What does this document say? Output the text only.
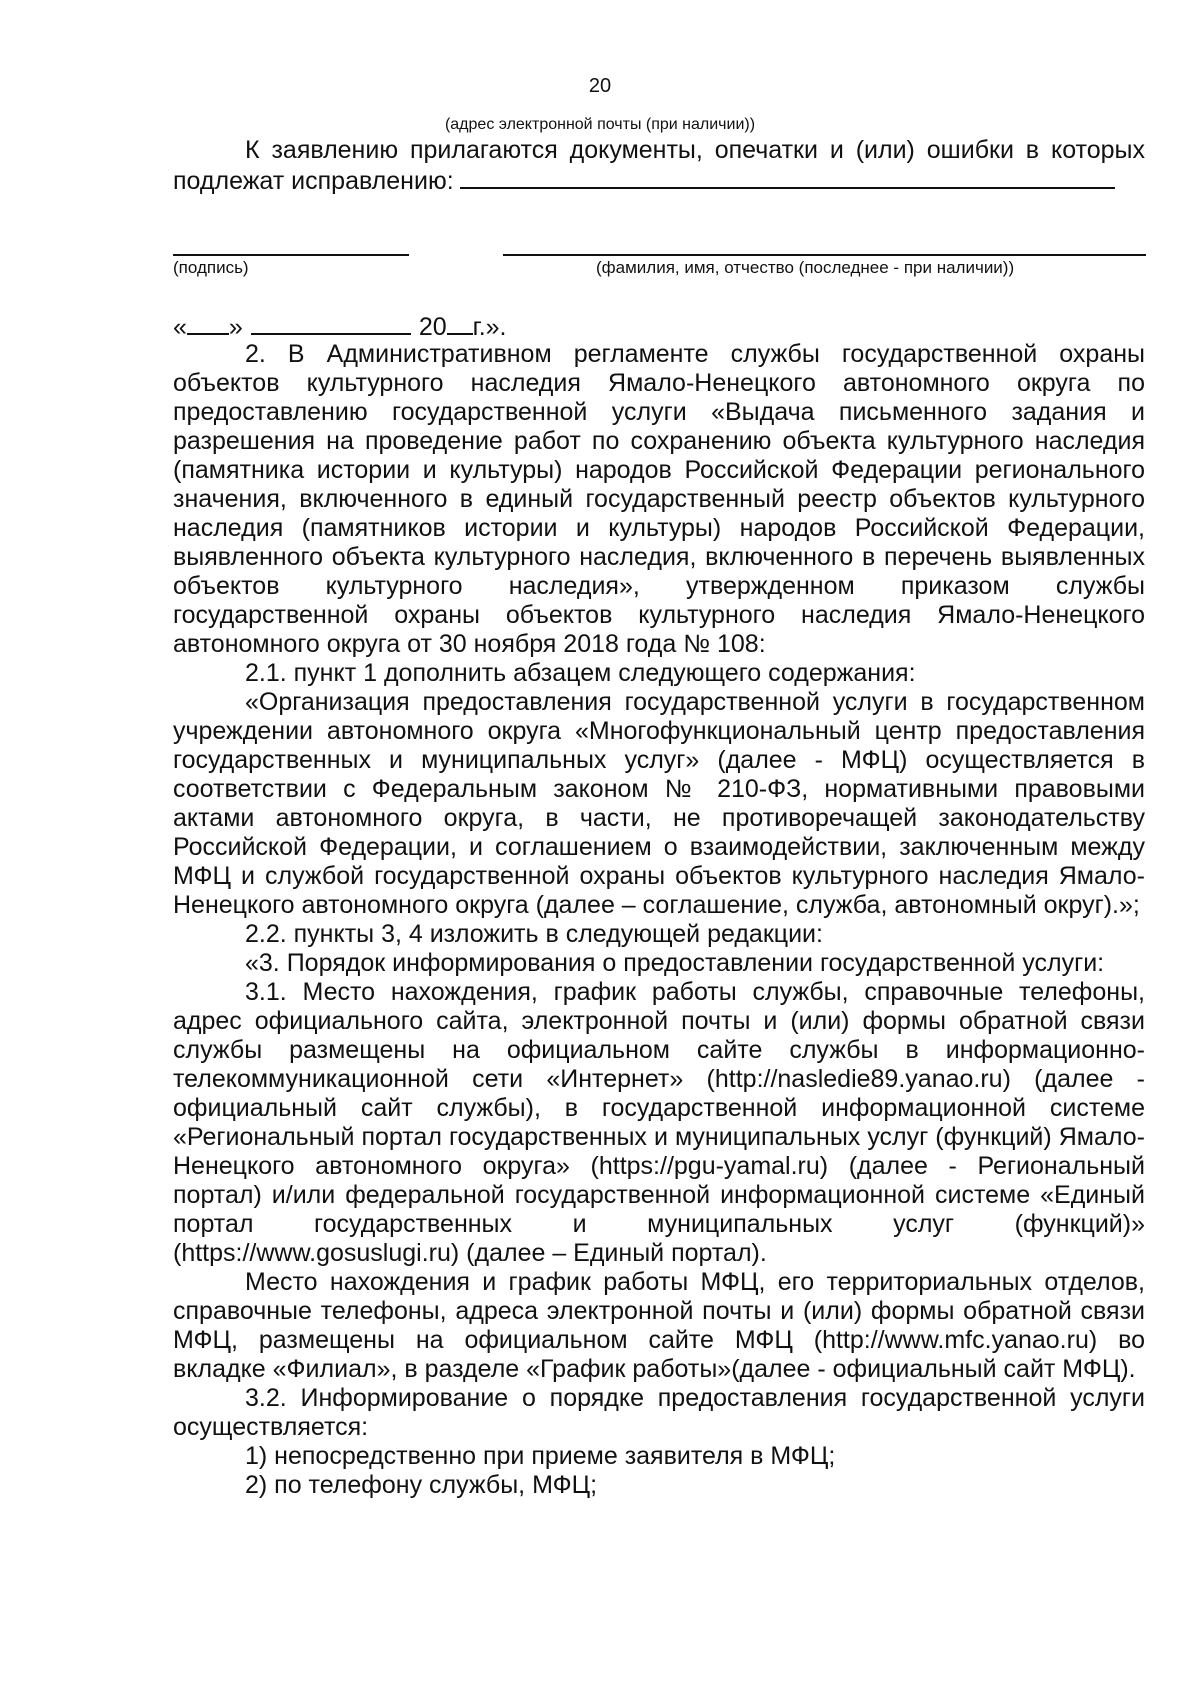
20
(адрес электронной почты (при наличии))

К заявлению прилагаются документы, опечатки и (или) ошибки в которых подлежат исправлению:

(подпись)	(фамилия, имя, отчество (последнее - при наличии))
« »	20 г.».

2. В Административном регламенте службы государственной охраны объектов культурного наследия Ямало-Ненецкого автономного округа по предоставлению государственной услуги «Выдача письменного задания и разрешения на проведение работ по сохранению объекта культурного наследия (памятника истории и культуры) народов Российской Федерации регионального значения, включенного в единый государственный реестр объектов культурного наследия (памятников истории и культуры) народов Российской Федерации, выявленного объекта культурного наследия, включенного в перечень выявленных объектов культурного наследия», утвержденном приказом службы государственной охраны объектов культурного наследия Ямало-Ненецкого автономного округа от 30 ноября 2018 года № 108:

2.1. пункт 1 дополнить абзацем следующего содержания:

«Организация предоставления государственной услуги в государственном учреждении автономного округа «Многофункциональный центр предоставления государственных и муниципальных услуг» (далее - МФЦ) осуществляется в соответствии с Федеральным законом № 210-ФЗ, нормативными правовыми актами автономного округа, в части, не противоречащей законодательству Российской Федерации, и соглашением о взаимодействии, заключенным между МФЦ и службой государственной охраны объектов культурного наследия Ямало-Ненецкого автономного округа (далее – соглашение, служба, автономный округ).»;

2.2. пункты 3, 4 изложить в следующей редакции:

«3. Порядок информирования о предоставлении государственной услуги:

3.1. Место нахождения, график работы службы, справочные телефоны, адрес официального сайта, электронной почты и (или) формы обратной связи службы размещены на официальном сайте службы в информационно-телекоммуникационной сети «Интернет» (http://nasledie89.yanao.ru) (далее - официальный сайт службы), в государственной информационной системе «Региональный портал государственных и муниципальных услуг (функций) Ямало-Ненецкого автономного округа» (https://pgu-yamal.ru) (далее - Региональный портал) и/или федеральной государственной информационной системе «Единый портал государственных и муниципальных услуг (функций)» (https://www.gosuslugi.ru) (далее – Единый портал).

Место нахождения и график работы МФЦ, его территориальных отделов, справочные телефоны, адреса электронной почты и (или) формы обратной связи МФЦ, размещены на официальном сайте МФЦ (http://www.mfc.yanao.ru) во вкладке «Филиал», в разделе «График работы»(далее - официальный сайт МФЦ).

3.2. Информирование о порядке предоставления государственной услуги осуществляется:

1) непосредственно при приеме заявителя в МФЦ;

2) по телефону службы, МФЦ;
